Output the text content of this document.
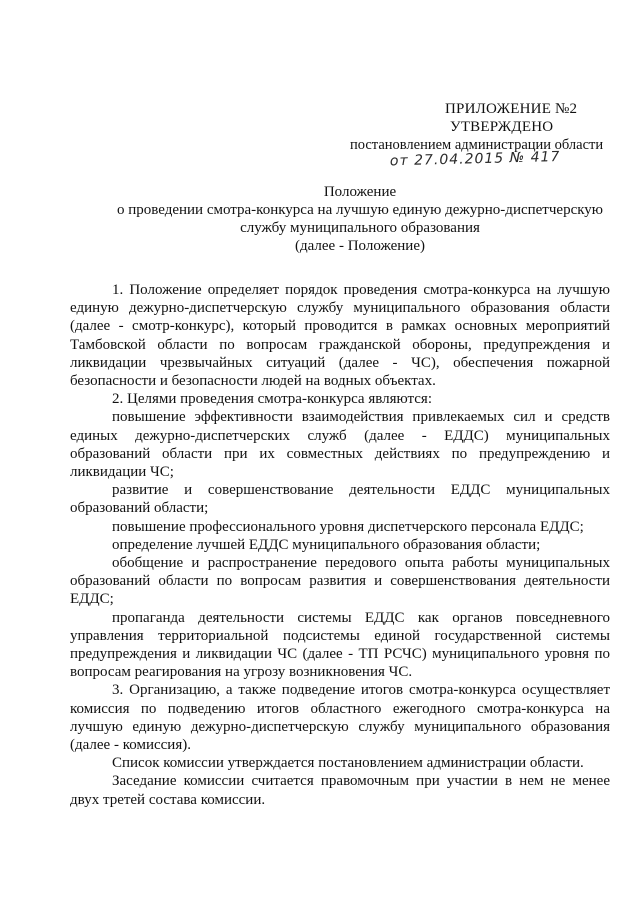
ПРИЛОЖЕНИЕ №2
УТВЕРЖДЕНО
постановлением администрации области
от 27.04.2015 № 417
Положение
о проведении смотра-конкурса на лучшую единую дежурно-диспетчерскую
службу муниципального образования
(далее - Положение)

1. Положение определяет порядок проведения смотра-конкурса на лучшую единую дежурно-диспетчерскую службу муниципального образования области (далее - смотр-конкурс), который проводится в рамках основных мероприятий Тамбовской области по вопросам гражданской обороны, предупреждения и ликвидации чрезвычайных ситуаций (далее - ЧС), обеспечения пожарной безопасности и безопасности людей на водных объектах.

2. Целями проведения смотра-конкурса являются:

повышение эффективности взаимодействия привлекаемых сил и средств единых дежурно-диспетчерских служб (далее - ЕДДС) муниципальных образований области при их совместных действиях по предупреждению и ликвидации ЧС;

развитие и совершенствование деятельности ЕДДС муниципальных образований области;

повышение профессионального уровня диспетчерского персонала ЕДДС;

определение лучшей ЕДДС муниципального образования области;

обобщение и распространение передового опыта работы муниципальных образований области по вопросам развития и совершенствования деятельности ЕДДС;

пропаганда деятельности системы ЕДДС как органов повседневного управления территориальной подсистемы единой государственной системы предупреждения и ликвидации ЧС (далее - ТП РСЧС) муниципального уровня по вопросам реагирования на угрозу возникновения ЧС.

3. Организацию, а также подведение итогов смотра-конкурса осуществляет комиссия по подведению итогов областного ежегодного смотра-конкурса на лучшую единую дежурно-диспетчерскую службу муниципального образования (далее - комиссия).

Список комиссии утверждается постановлением администрации области.

Заседание комиссии считается правомочным при участии в нем не менее двух третей состава комиссии.
